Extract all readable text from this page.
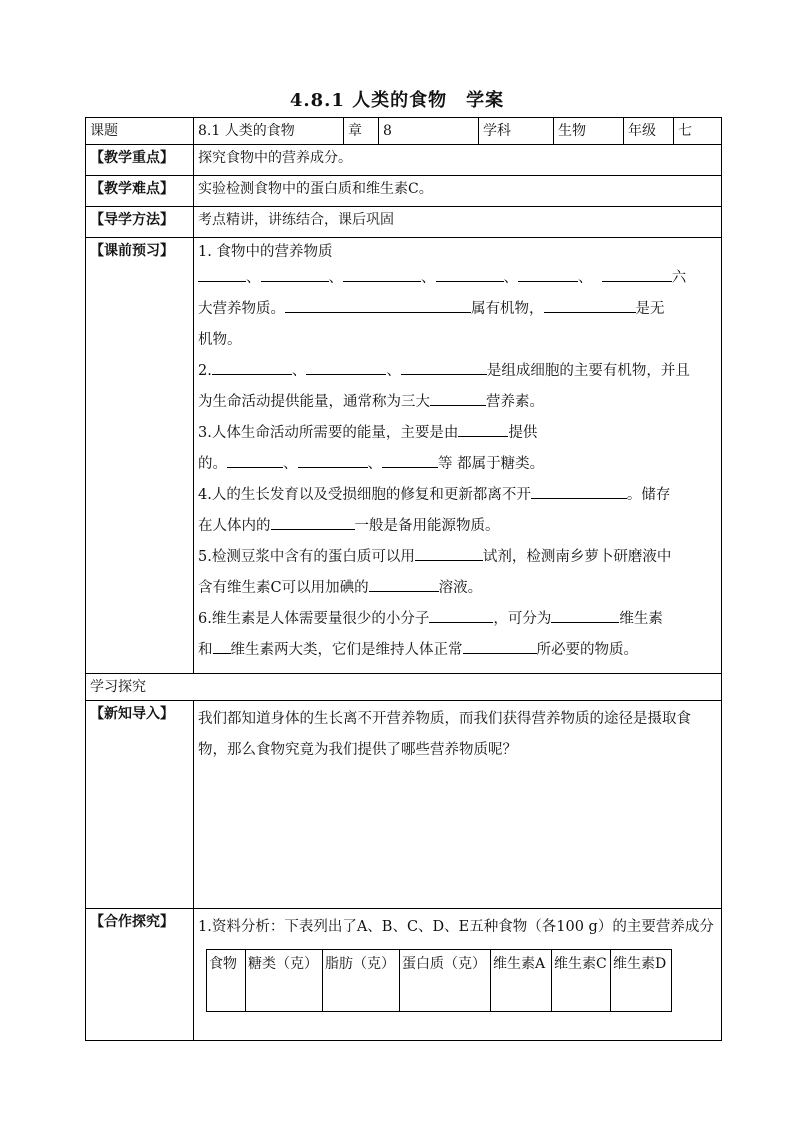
4.8.1 人类的食物　学案
课题	8.1 人类的食物	章	8	学科	生物	年级	七
【教学重点】	探究食物中的营养成分。
【教学难点】	实验检测食物中的蛋白质和维生素C。
【导学方法】	考点精讲，讲练结合，课后巩固
【课前预习】	1. 食物中的营养物质

、	、	、	、	、	六

大营养物质。	属有机物，	是无

机物。

2.	、	、	是组成细胞的主要有机物，并且

为生命活动提供能量，通常称为三大	营养素。

3.人体生命活动所需要的能量，主要是由	提供

的。	、	、	等 都属于糖类。

4.人的生长发育以及受损细胞的修复和更新都离不开	。储存

在人体内的	一般是备用能源物质。

5.检测豆浆中含有的蛋白质可以用	试剂，检测南乡萝卜研磨液中

含有维生素C可以用加碘的	溶液。

6.维生素是人体需要量很少的小分子	，可分为	维生素

和 维生素两大类，它们是维持人体正常	所必要的物质。

学习探究
【新知导入】	我们都知道身体的生长离不开营养物质，而我们获得营养物质的途径是摄取食物，那么食物究竟为我们提供了哪些营养物质呢？

【合作探究】	1.资料分析：下表列出了A、B、C、D、E五种食物（各100 g）的主要营养成分

食物	糖类（克）	脂肪（克）	蛋白质（克）	维生素A	维生素C	维生素D
